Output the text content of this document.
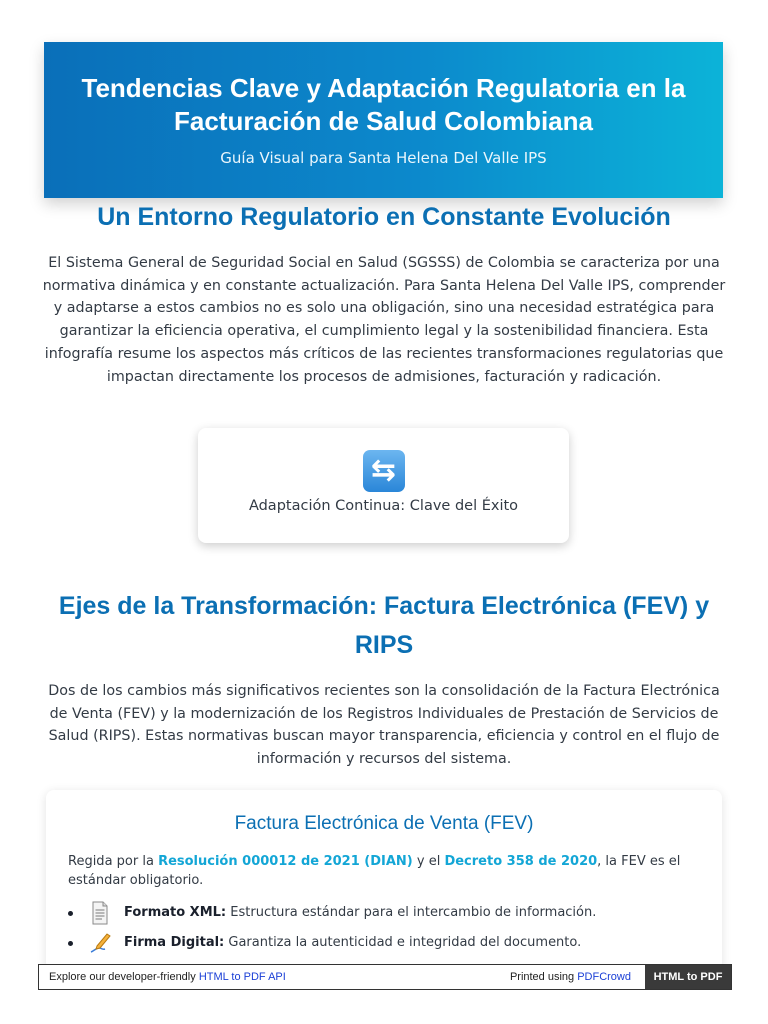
Tendencias Clave y Adaptación Regulatoria en la Facturación de Salud Colombiana
Guía Visual para Santa Helena Del Valle IPS
Un Entorno Regulatorio en Constante Evolución

El Sistema General de Seguridad Social en Salud (SGSSS) de Colombia se caracteriza por una normativa dinámica y en constante actualización. Para Santa Helena Del Valle IPS, comprender y adaptarse a estos cambios no es solo una obligación, sino una necesidad estratégica para garantizar la eficiencia operativa, el cumplimiento legal y la sostenibilidad financiera. Esta infografía resume los aspectos más críticos de las recientes transformaciones regulatorias que impactan directamente los procesos de admisiones, facturación y radicación.

⇆
Adaptación Continua: Clave del Éxito
Ejes de la Transformación: Factura Electrónica (FEV) y RIPS

Dos de los cambios más significativos recientes son la consolidación de la Factura Electrónica de Venta (FEV) y la modernización de los Registros Individuales de Prestación de Servicios de Salud (RIPS). Estas normativas buscan mayor transparencia, eficiencia y control en el flujo de información y recursos del sistema.

Factura Electrónica de Venta (FEV)

Regida por la Resolución 000012 de 2021 (DIAN) y el Decreto 358 de 2020, la FEV es el estándar obligatorio.

Formato XML: Estructura estándar para el intercambio de información.
Firma Digital: Garantiza la autenticidad e integridad del documento.
Explore our developer-friendly HTML to PDF API	Printed using PDFCrowd	HTML to PDF
